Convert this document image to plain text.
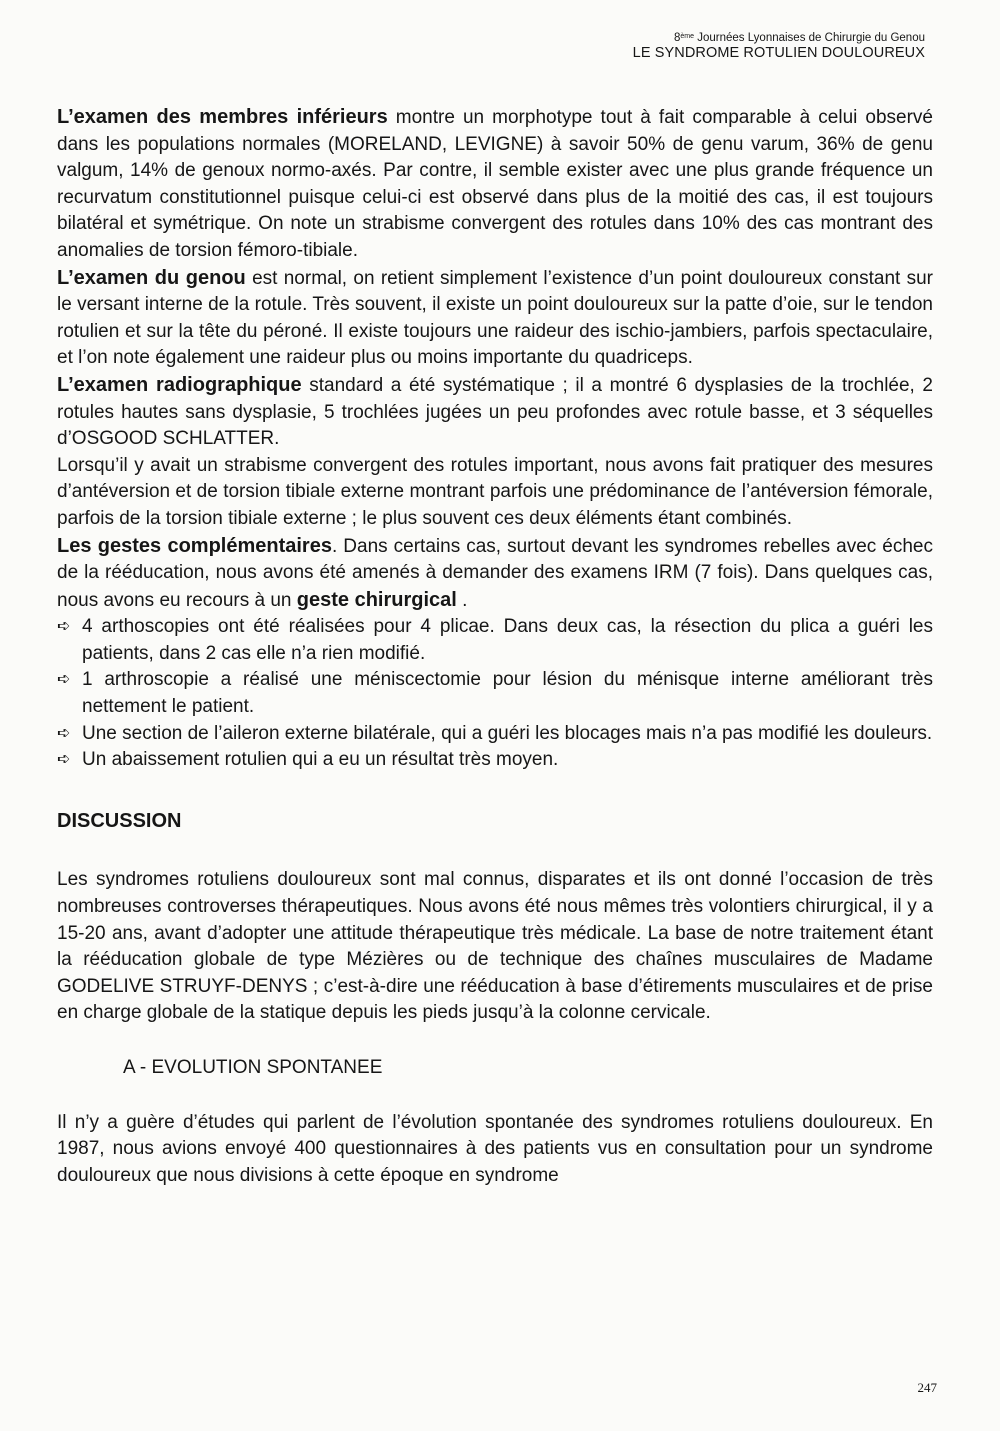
8ème Journées Lyonnaises de Chirurgie du Genou
LE SYNDROME ROTULIEN DOULOUREUX

L’examen des membres inférieurs montre un morphotype tout à fait comparable à celui observé dans les populations normales (MORELAND, LEVIGNE) à savoir 50% de genu varum, 36% de genu valgum, 14% de genoux normo-axés. Par contre, il semble exister avec une plus grande fréquence un recurvatum constitutionnel puisque celui-ci est observé dans plus de la moitié des cas, il est toujours bilatéral et symétrique. On note un strabisme convergent des rotules dans 10% des cas montrant des anomalies de torsion fémoro-tibiale.

L’examen du genou est normal, on retient simplement l’existence d’un point douloureux constant sur le versant interne de la rotule. Très souvent, il existe un point douloureux sur la patte d’oie, sur le tendon rotulien et sur la tête du péroné. Il existe toujours une raideur des ischio-jambiers, parfois spectaculaire, et l’on note également une raideur plus ou moins importante du quadriceps.

L’examen radiographique standard a été systématique ; il a montré 6 dysplasies de la trochlée, 2 rotules hautes sans dysplasie, 5 trochlées jugées un peu profondes avec rotule basse, et 3 séquelles d’OSGOOD SCHLATTER.

Lorsqu’il y avait un strabisme convergent des rotules important, nous avons fait pratiquer des mesures d’antéversion et de torsion tibiale externe montrant parfois une prédominance de l’antéversion fémorale, parfois de la torsion tibiale externe ; le plus souvent ces deux éléments étant combinés.

Les gestes complémentaires. Dans certains cas, surtout devant les syndromes rebelles avec échec de la rééducation, nous avons été amenés à demander des examens IRM (7 fois). Dans quelques cas, nous avons eu recours à un geste chirurgical .

➪ 4 arthoscopies ont été réalisées pour 4 plicae. Dans deux cas, la résection du plica a guéri les patients, dans 2 cas elle n’a rien modifié.
➪ 1 arthroscopie a réalisé une méniscectomie pour lésion du ménisque interne améliorant très nettement le patient.
➪ Une section de l’aileron externe bilatérale, qui a guéri les blocages mais n’a pas modifié les douleurs.
➪ Un abaissement rotulien qui a eu un résultat très moyen.
DISCUSSION

Les syndromes rotuliens douloureux sont mal connus, disparates et ils ont donné l’occasion de très nombreuses controverses thérapeutiques. Nous avons été nous mêmes très volontiers chirurgical, il y a 15-20 ans, avant d’adopter une attitude thérapeutique très médicale. La base de notre traitement étant la rééducation globale de type Mézières ou de technique des chaînes musculaires de Madame GODELIVE STRUYF-DENYS ; c’est-à-dire une rééducation à base d’étirements musculaires et de prise en charge globale de la statique depuis les pieds jusqu’à la colonne cervicale.

A - EVOLUTION SPONTANEE

Il n’y a guère d’études qui parlent de l’évolution spontanée des syndromes rotuliens douloureux. En 1987, nous avions envoyé 400 questionnaires à des patients vus en consultation pour un syndrome douloureux que nous divisions à cette époque en syndrome

247
